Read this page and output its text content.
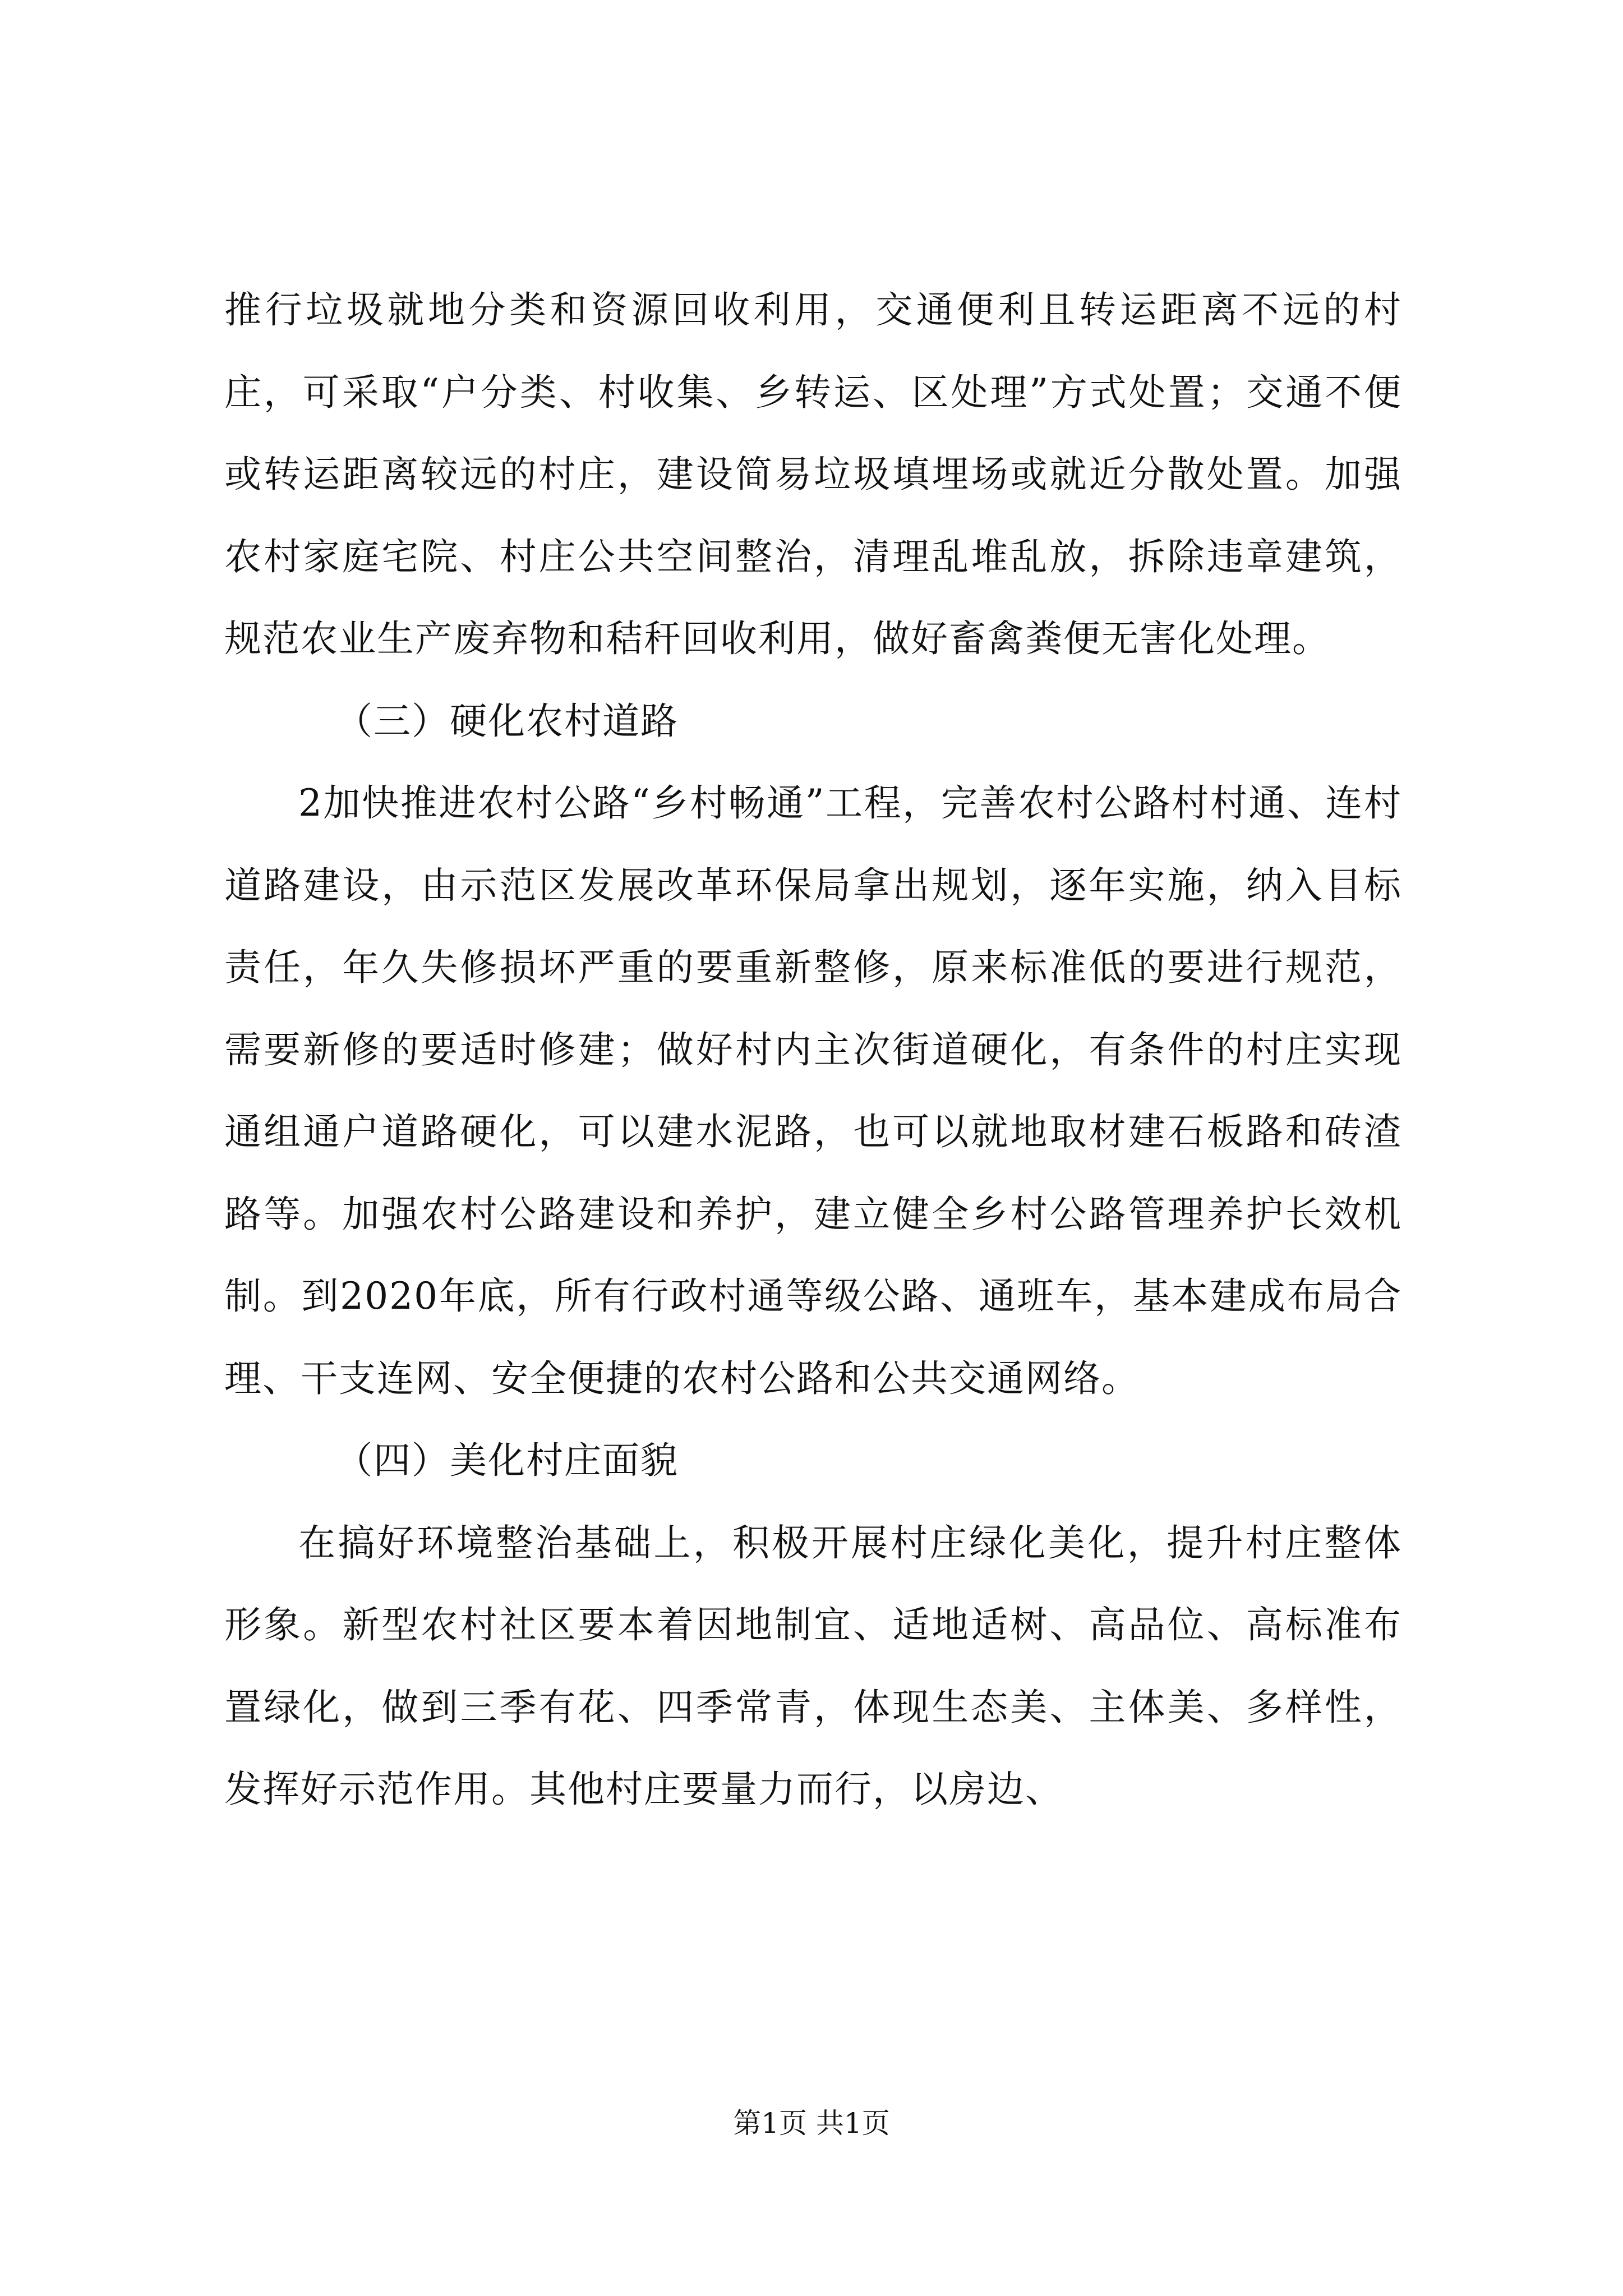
推行垃圾就地分类和资源回收利用，交通便利且转运距离不远的村庄，可采取“户分类、村收集、乡转运、区处理”方式处置；交通不便或转运距离较远的村庄，建设简易垃圾填埋场或就近分散处置。加强农村家庭宅院、村庄公共空间整治，清理乱堆乱放，拆除违章建筑，规范农业生产废弃物和秸秆回收利用，做好畜禽粪便无害化处理。

（三）硬化农村道路

2加快推进农村公路“乡村畅通”工程，完善农村公路村村通、连村道路建设，由示范区发展改革环保局拿出规划，逐年实施，纳入目标责任，年久失修损坏严重的要重新整修，原来标准低的要进行规范，需要新修的要适时修建；做好村内主次街道硬化，有条件的村庄实现通组通户道路硬化，可以建水泥路，也可以就地取材建石板路和砖渣路等。加强农村公路建设和养护，建立健全乡村公路管理养护长效机制。到2020年底，所有行政村通等级公路、通班车，基本建成布局合理、干支连网、安全便捷的农村公路和公共交通网络。

（四）美化村庄面貌

在搞好环境整治基础上，积极开展村庄绿化美化，提升村庄整体形象。新型农村社区要本着因地制宜、适地适树、高品位、高标准布置绿化，做到三季有花、四季常青，体现生态美、主体美、多样性，发挥好示范作用。其他村庄要量力而行，以房边、

第1页 共1页
